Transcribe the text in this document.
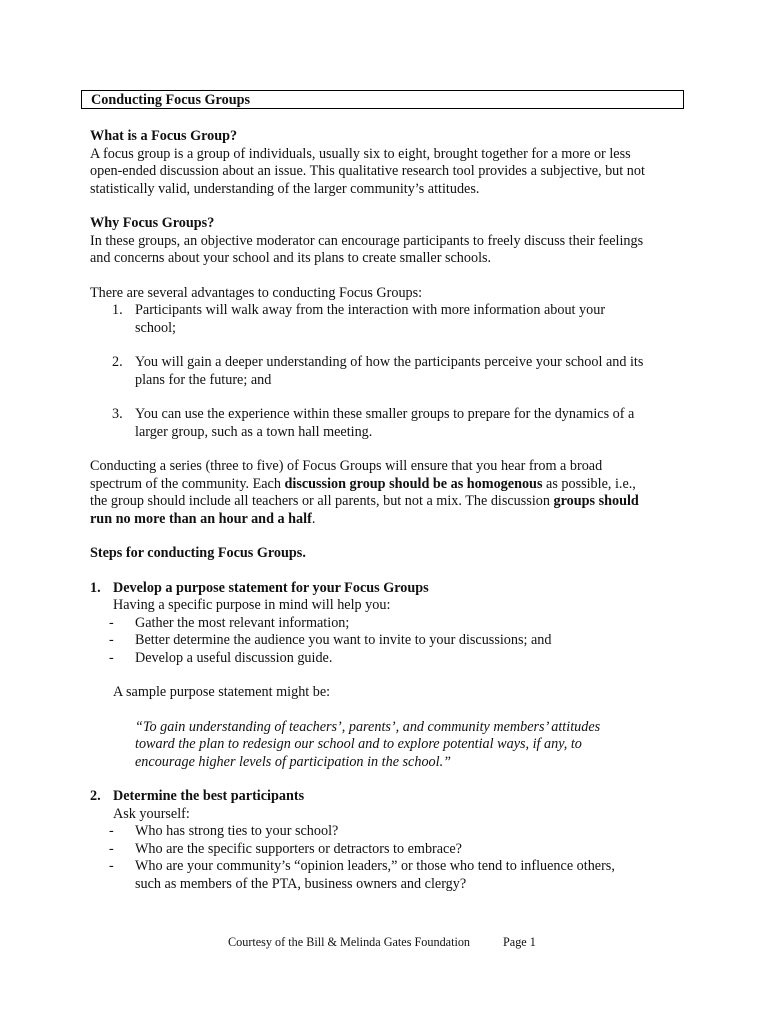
Conducting Focus Groups

What is a Focus Group?

A focus group is a group of individuals, usually six to eight, brought together for a more or less

open-ended discussion about an issue. This qualitative research tool provides a subjective, but not

statistically valid, understanding of the larger community’s attitudes.

Why Focus Groups?

In these groups, an objective moderator can encourage participants to freely discuss their feelings

and concerns about your school and its plans to create smaller schools.

There are several advantages to conducting Focus Groups:

1. Participants will walk away from the interaction with more information about your
school;
2. You will gain a deeper understanding of how the participants perceive your school and its
plans for the future; and
3. You can use the experience within these smaller groups to prepare for the dynamics of a
larger group, such as a town hall meeting.

Conducting a series (three to five) of Focus Groups will ensure that you hear from a broad

spectrum of the community. Each discussion group should be as homogenous as possible, i.e.,

the group should include all teachers or all parents, but not a mix. The discussion groups should

run no more than an hour and a half.

Steps for conducting Focus Groups.

1. Develop a purpose statement for your Focus Groups

Having a specific purpose in mind will help you:

- Gather the most relevant information;
- Better determine the audience you want to invite to your discussions; and
- Develop a useful discussion guide.

A sample purpose statement might be:

“To gain understanding of teachers’, parents’, and community members’ attitudes
toward the plan to redesign our school and to explore potential ways, if any, to
encourage higher levels of participation in the school.”
2. Determine the best participants

Ask yourself:

- Who has strong ties to your school?
- Who are the specific supporters or detractors to embrace?
- Who are your community’s “opinion leaders,” or those who tend to influence others,
such as members of the PTA, business owners and clergy?
Courtesy of the Bill & Melinda Gates Foundation	Page 1
